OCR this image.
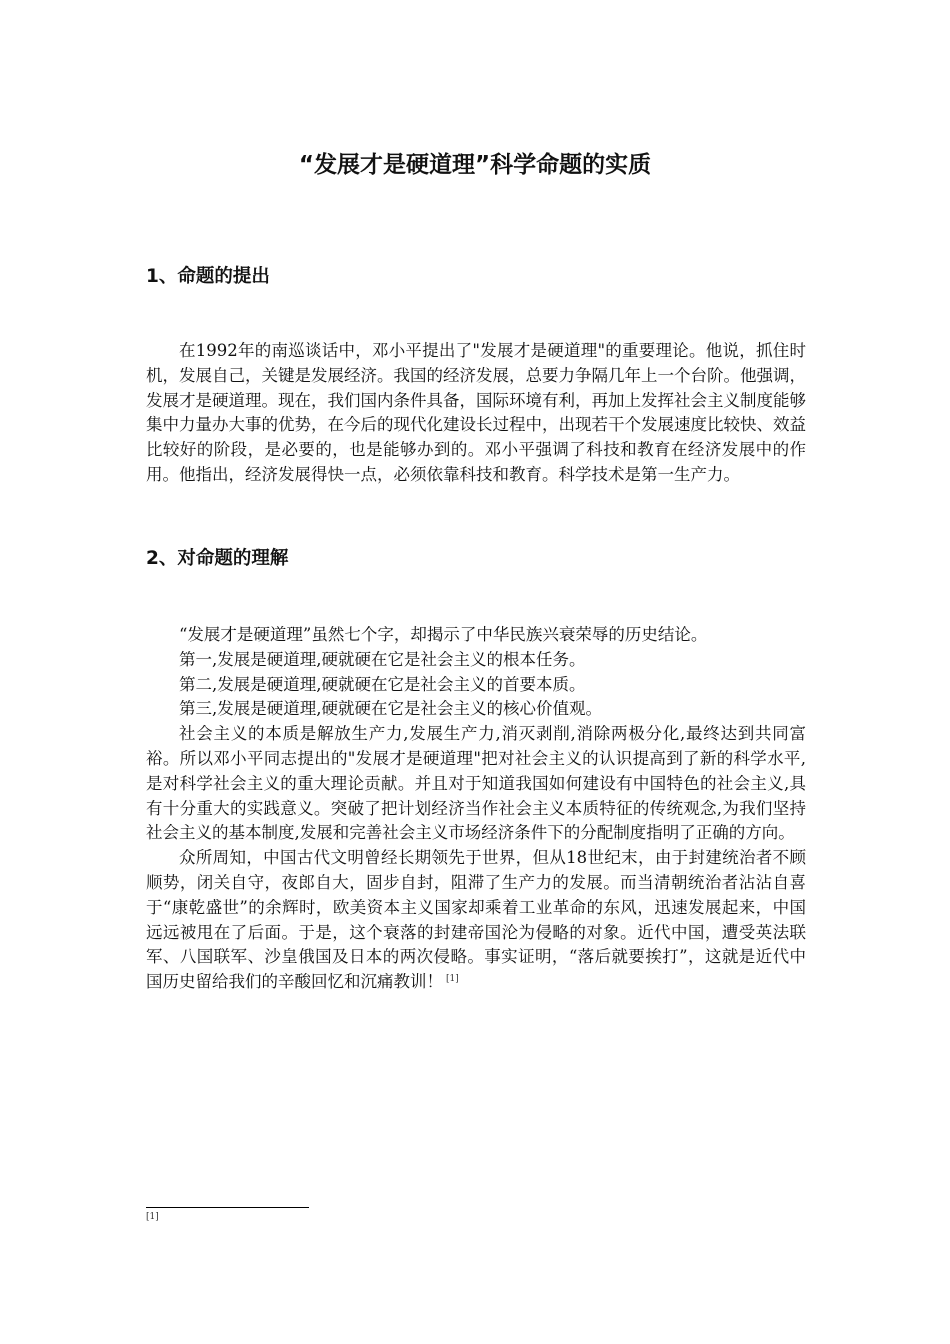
“发展才是硬道理”科学命题的实质
1、命题的提出

在1992年的南巡谈话中，邓小平提出了"发展才是硬道理"的重要理论。他说，抓住时机，发展自己，关键是发展经济。我国的经济发展，总要力争隔几年上一个台阶。他强调，发展才是硬道理。现在，我们国内条件具备，国际环境有利，再加上发挥社会主义制度能够集中力量办大事的优势，在今后的现代化建设长过程中，出现若干个发展速度比较快、效益比较好的阶段，是必要的，也是能够办到的。邓小平强调了科技和教育在经济发展中的作用。他指出，经济发展得快一点，必须依靠科技和教育。科学技术是第一生产力。

2、对命题的理解

“发展才是硬道理”虽然七个字，却揭示了中华民族兴衰荣辱的历史结论。

第一,发展是硬道理,硬就硬在它是社会主义的根本任务。

第二,发展是硬道理,硬就硬在它是社会主义的首要本质。

第三,发展是硬道理,硬就硬在它是社会主义的核心价值观。

社会主义的本质是解放生产力,发展生产力,消灭剥削,消除两极分化,最终达到共同富裕。所以邓小平同志提出的"发展才是硬道理"把对社会主义的认识提高到了新的科学水平,是对科学社会主义的重大理论贡献。并且对于知道我国如何建设有中国特色的社会主义,具有十分重大的实践意义。突破了把计划经济当作社会主义本质特征的传统观念,为我们坚持社会主义的基本制度,发展和完善社会主义市场经济条件下的分配制度指明了正确的方向。

众所周知，中国古代文明曾经长期领先于世界，但从18世纪末，由于封建统治者不顾顺势，闭关自守，夜郎自大，固步自封，阻滞了生产力的发展。而当清朝统治者沾沾自喜于“康乾盛世”的余辉时，欧美资本主义国家却乘着工业革命的东风，迅速发展起来，中国远远被甩在了后面。于是，这个衰落的封建帝国沦为侵略的对象。近代中国，遭受英法联军、八国联军、沙皇俄国及日本的两次侵略。事实证明，“落后就要挨打”，这就是近代中国历史留给我们的辛酸回忆和沉痛教训！ [1]

[1]
